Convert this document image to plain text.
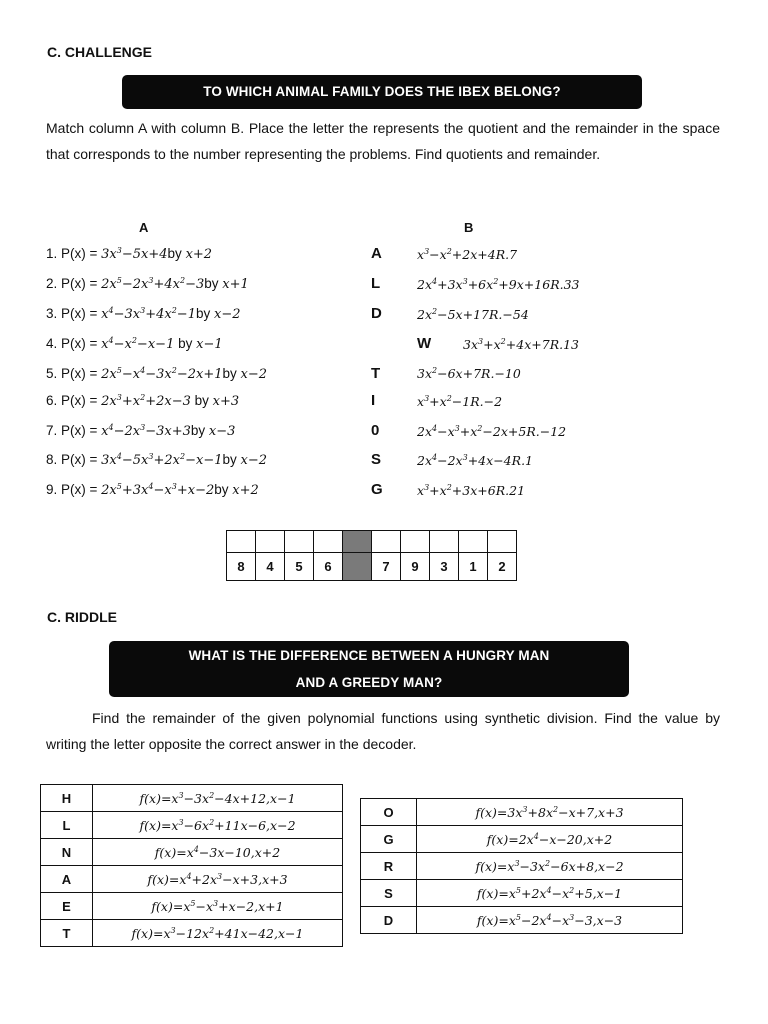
C. CHALLENGE
TO WHICH ANIMAL FAMILY DOES THE IBEX BELONG?
Match column A with column B. Place the letter the represents the quotient and the remainder in the space that corresponds to the number representing the problems. Find quotients and remainder.
A	B
1. $P(x) = 3x^3-5x+4by$ x+2
2. $P(x) = 2x^5-2x^3+4x^2-3by$ x+1
3. $P(x) = x^4-3x^3+4x^2-1by$ x−2
4. $P(x) = x^4-x^2-x-1$ by x−1
5. $P(x) = 2x^5-x^4-3x^2-2x+1by$ x−2
6. $P(x) = 2x^3+x^2+2x-3$ by x+3
7. $P(x) = x^4-2x^3-3x+3by$ x−3
8. $P(x) = 3x^4-5x^3+2x^2-x-1by$ x−2
9. $P(x) = 2x^5+3x^4-x^3+x-2by$ x+2
A	$x^3-x^2+2x+4R.7$
L	$2x^4+3x^3+6x^2+9x+16R.33$
D	$2x^2-5x+17R.-54$
W	$3x^3+x^2+4x+7R.13$
T	$3x^2-6x+7R.-10$
I	$x^3+x^2-1R.-2$
0	$2x^4-x^3+x^2-2x+5R.-12$
S	$2x^4-2x^3+4x-4R.1$
G	$x^3+x^2+3x+6R.21$

8	4	5	6		7	9	3	1	2
C. RIDDLE
WHAT IS THE DIFFERENCE BETWEEN A HUNGRY MAN
AND A GREEDY MAN?
Find the remainder of the given polynomial functions using synthetic division. Find the value by writing the letter opposite the correct answer in the decoder.
H	$f(x)=x^3-3x^2-4x+12,x-1$
L	$f(x)=x^3-6x^2+11x-6,x-2$
N	$f(x)=x^4-3x-10,x+2$
A	$f(x)=x^4+2x^3-x+3,x+3$
E	$f(x)=x^5-x^3+x-2,x+1$
T	$f(x)=x^3-12x^2+41x-42,x-1$
O	$f(x)=3x^3+8x^2-x+7,x+3$
G	$f(x)=2x^4-x-20,x+2$
R	$f(x)=x^3-3x^2-6x+8,x-2$
S	$f(x)=x^5+2x^4-x^2+5,x-1$
D	$f(x)=x^5-2x^4-x^3-3,x-3$
